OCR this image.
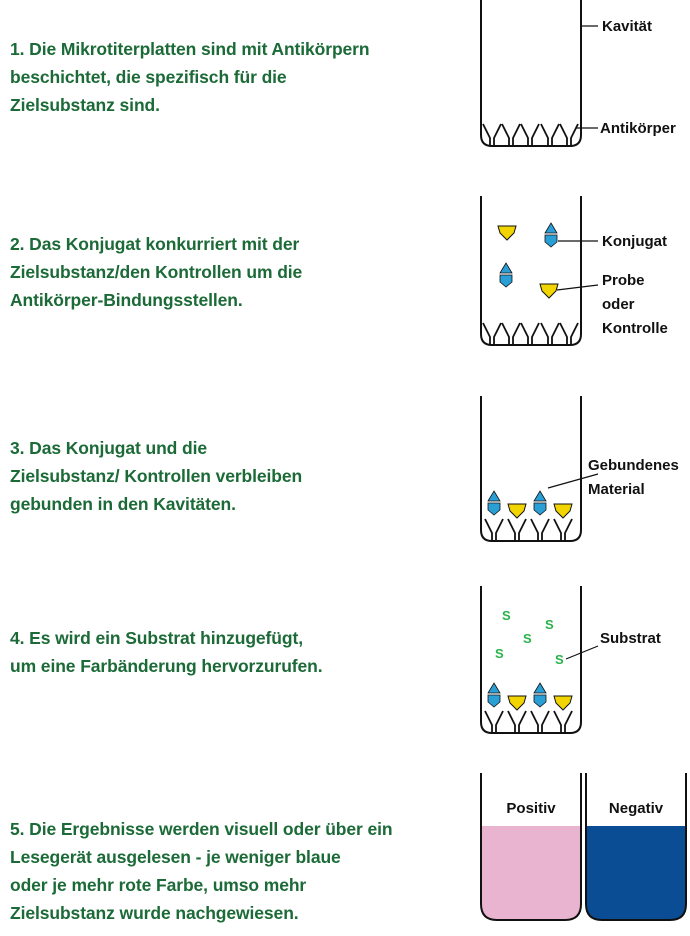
1. Die Mikrotiterplatten sind mit Antikörpern
beschichtet, die spezifisch für die
Zielsubstanz sind.

2. Das Konjugat konkurriert mit der
Zielsubstanz/den Kontrollen um die
Antikörper-Bindungsstellen.

3. Das Konjugat und die
Zielsubstanz/ Kontrollen verbleiben
gebunden in den Kavitäten.

4. Es wird ein Substrat hinzugefügt,
um eine Farbänderung hervorzurufen.

5. Die Ergebnisse werden visuell oder über ein
Lesegerät ausgelesen - je weniger blaue
oder je mehr rote Farbe, umso mehr
Zielsubstanz wurde nachgewiesen.

Kavität
Antikörper
Konjugat
Probe
oder
Kontrolle
Gebundenes
Material
S
S
S
S	S
Substrat
Positiv	Negativ
